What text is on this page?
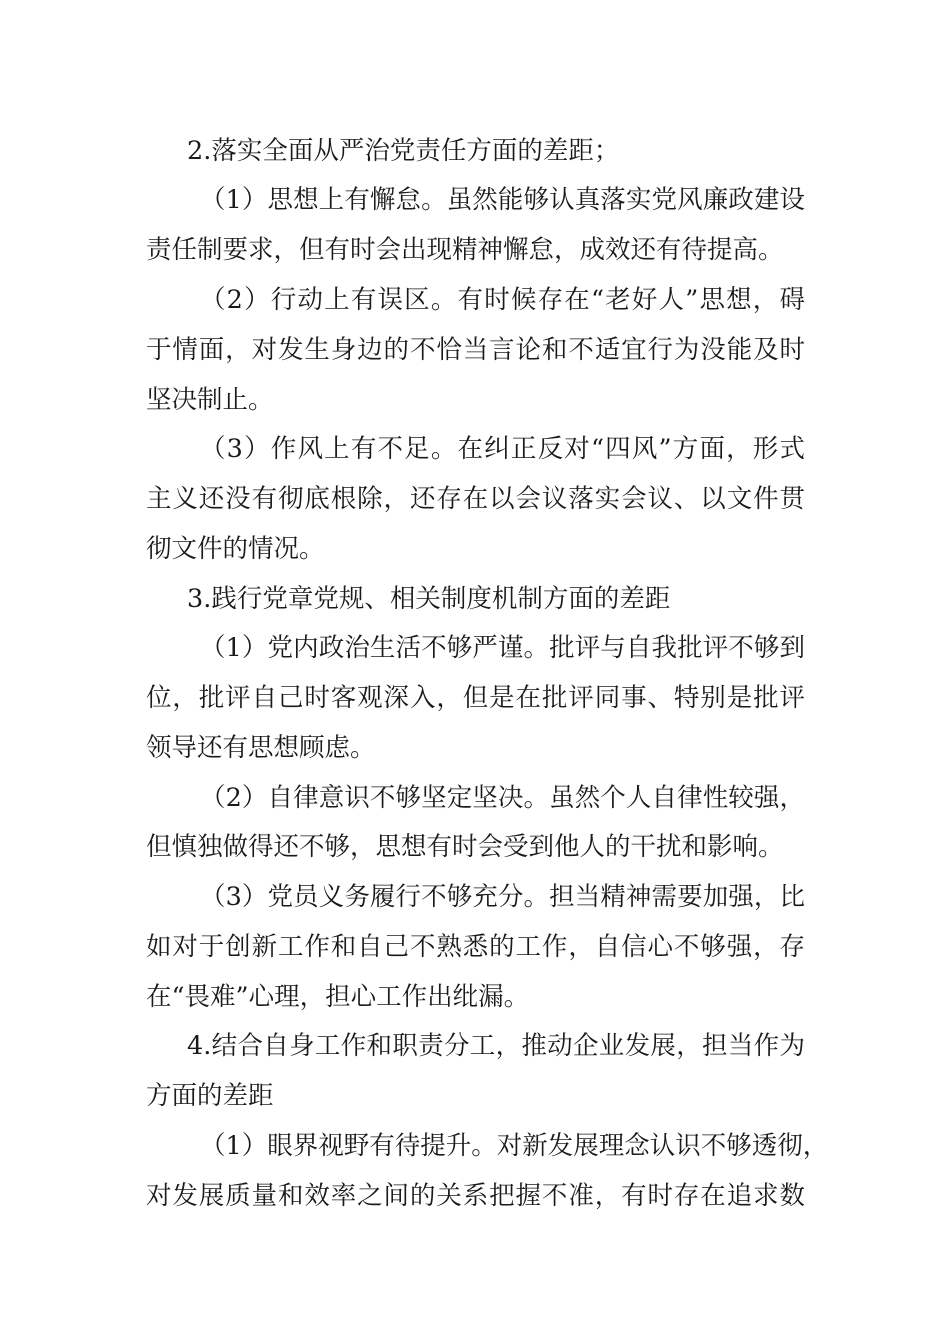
2.落实全面从严治党责任方面的差距；
（1）思想上有懈怠。虽然能够认真落实党风廉政建设
责任制要求，但有时会出现精神懈怠，成效还有待提高。
（2）行动上有误区。有时候存在“老好人”思想，碍
于情面，对发生身边的不恰当言论和不适宜行为没能及时
坚决制止。
（3）作风上有不足。在纠正反对“四风”方面，形式
主义还没有彻底根除，还存在以会议落实会议、以文件贯
彻文件的情况。
3.践行党章党规、相关制度机制方面的差距
（1）党内政治生活不够严谨。批评与自我批评不够到
位，批评自己时客观深入，但是在批评同事、特别是批评
领导还有思想顾虑。
（2）自律意识不够坚定坚决。虽然个人自律性较强，
但慎独做得还不够，思想有时会受到他人的干扰和影响。
（3）党员义务履行不够充分。担当精神需要加强，比
如对于创新工作和自己不熟悉的工作，自信心不够强，存
在“畏难”心理，担心工作出纰漏。
4.结合自身工作和职责分工，推动企业发展，担当作为
方面的差距
（1）眼界视野有待提升。对新发展理念认识不够透彻，
对发展质量和效率之间的关系把握不准，有时存在追求数
